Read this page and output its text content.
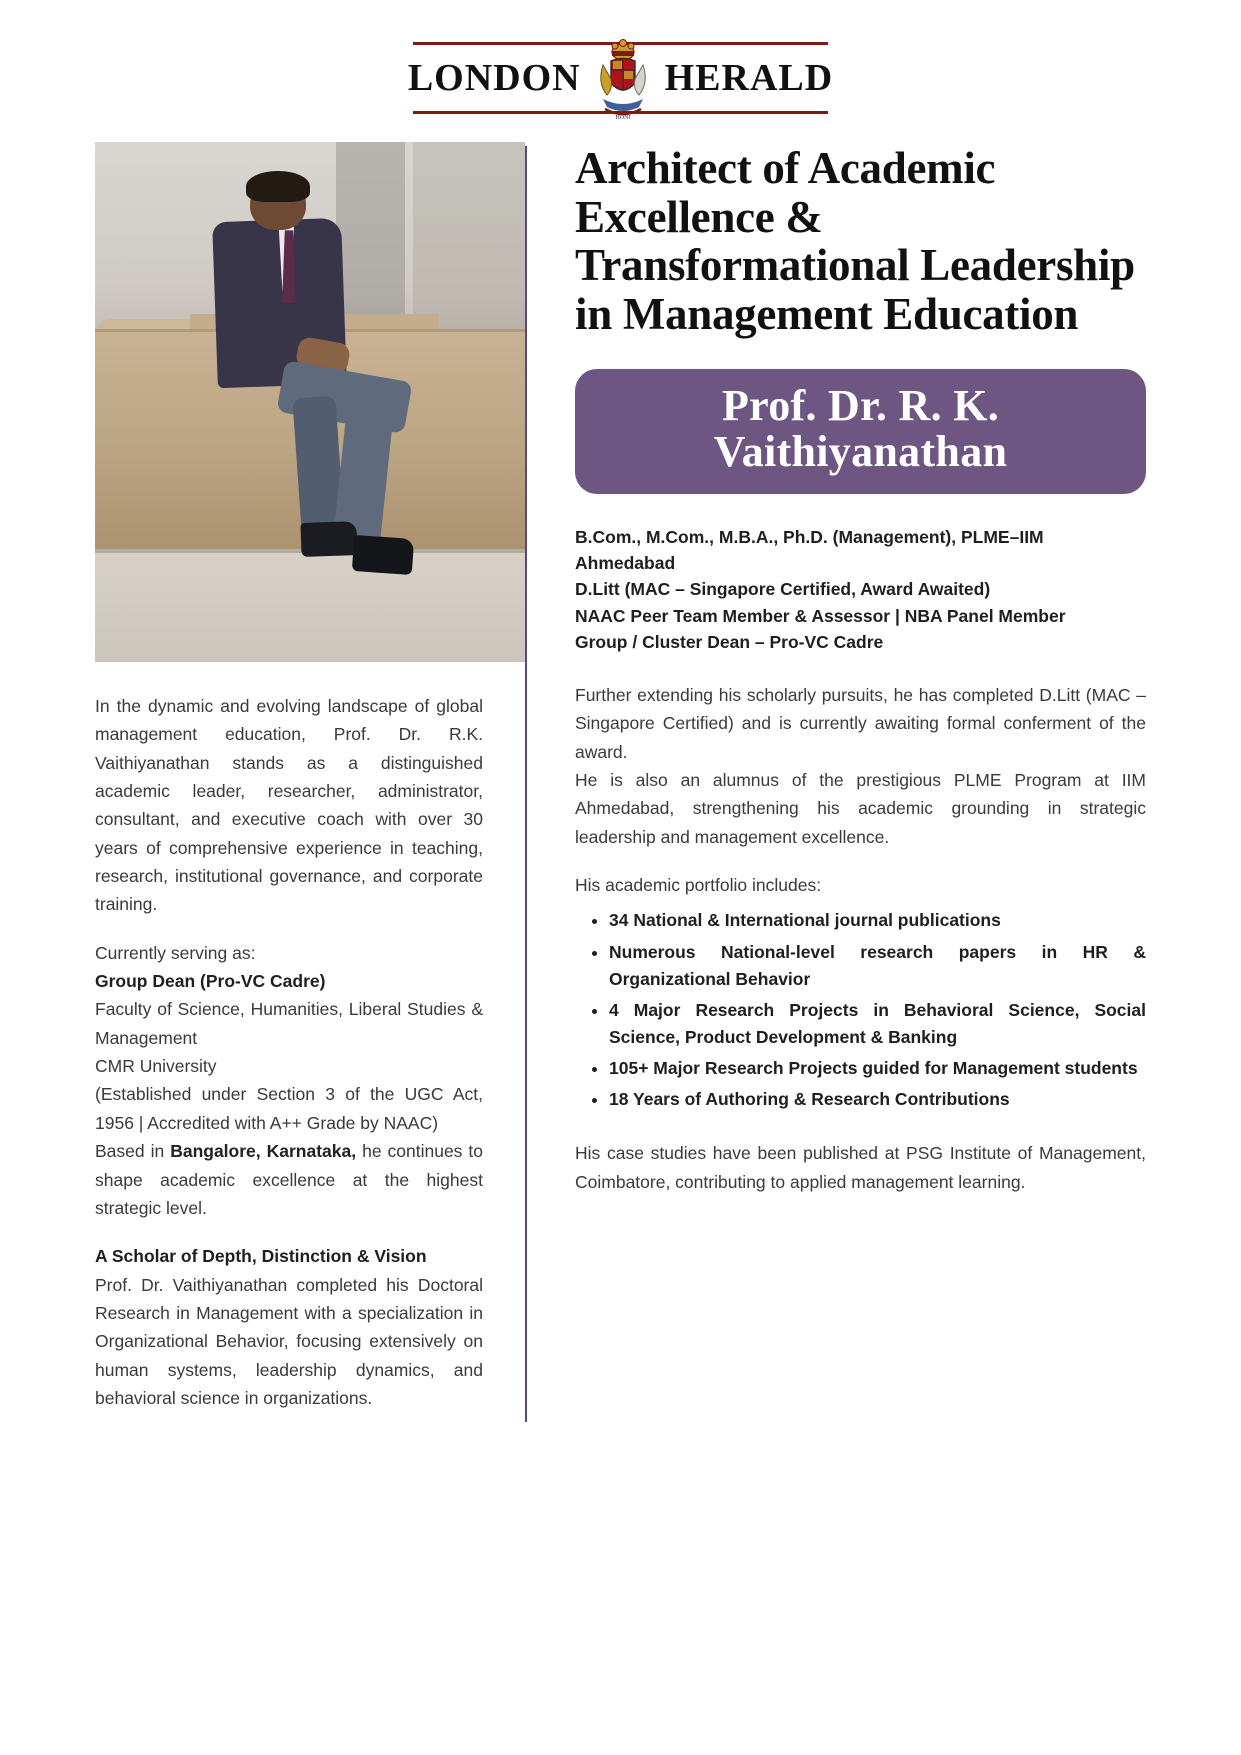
LONDON
HONI
HERALD

In the dynamic and evolving landscape of global management education, Prof. Dr. R.K. Vaithiyanathan stands as a distinguished academic leader, researcher, administrator, consultant, and executive coach with over 30 years of comprehensive experience in teaching, research, institutional governance, and corporate training.

Currently serving as:

Group Dean (Pro-VC Cadre)

Faculty of Science, Humanities, Liberal Studies & Management

CMR University

(Established under Section 3 of the UGC Act, 1956 | Accredited with A++ Grade by NAAC)

Based in Bangalore, Karnataka, he continues to shape academic excellence at the highest strategic level.

A Scholar of Depth, Distinction & Vision

Prof. Dr. Vaithiyanathan completed his Doctoral Research in Management with a specialization in Organizational Behavior, focusing extensively on human systems, leadership dynamics, and behavioral science in organizations.

Architect of Academic Excellence & Transformational Leadership in Management Education
Prof. Dr. R. K. Vaithiyanathan
B.Com., M.Com., M.B.A., Ph.D. (Management), PLME–IIM Ahmedabad
D.Litt (MAC – Singapore Certified, Award Awaited)
NAAC Peer Team Member & Assessor | NBA Panel Member
Group / Cluster Dean – Pro-VC Cadre

Further extending his scholarly pursuits, he has completed D.Litt (MAC – Singapore Certified) and is currently awaiting formal conferment of the award.

He is also an alumnus of the prestigious PLME Program at IIM Ahmedabad, strengthening his academic grounding in strategic leadership and management excellence.

His academic portfolio includes:

• 34 National & International journal publications
• Numerous National-level research papers in HR & Organizational Behavior
• 4 Major Research Projects in Behavioral Science, Social Science, Product Development & Banking
• 105+ Major Research Projects guided for Management students
• 18 Years of Authoring & Research Contributions

His case studies have been published at PSG Institute of Management, Coimbatore, contributing to applied management learning.
